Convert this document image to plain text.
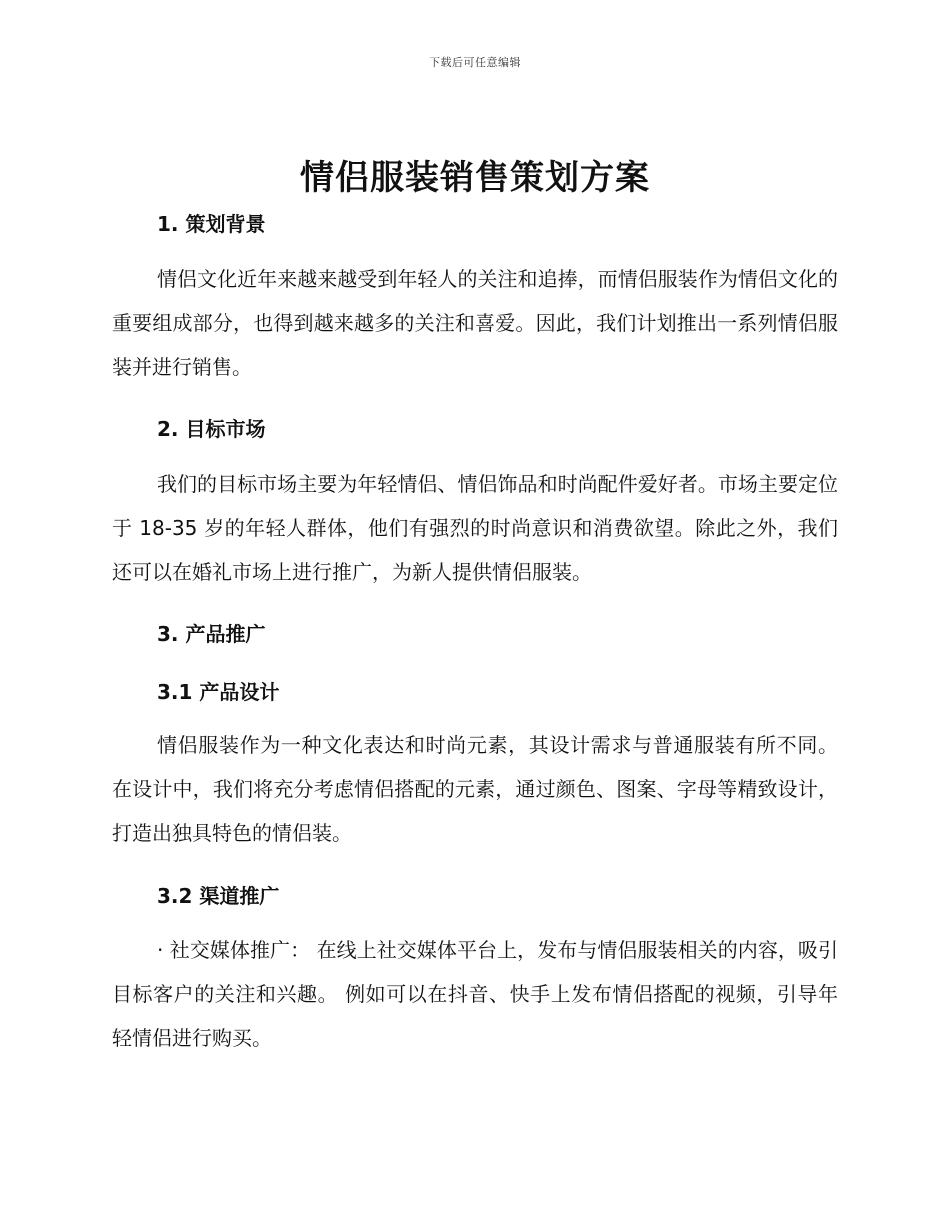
下载后可任意编辑
情侣服装销售策划方案
1. 策划背景

情侣文化近年来越来越受到年轻人的关注和追捧，而情侣服装作为情侣文化的重要组成部分，也得到越来越多的关注和喜爱。因此，我们计划推出一系列情侣服装并进行销售。

2. 目标市场

我们的目标市场主要为年轻情侣、情侣饰品和时尚配件爱好者。市场主要定位于 18-35 岁的年轻人群体，他们有强烈的时尚意识和消费欲望。除此之外，我们还可以在婚礼市场上进行推广，为新人提供情侣服装。

3. 产品推广
3.1 产品设计

情侣服装作为一种文化表达和时尚元素，其设计需求与普通服装有所不同。 在设计中，我们将充分考虑情侣搭配的元素，通过颜色、图案、字母等精致设计，打造出独具特色的情侣装。

3.2 渠道推广

· 社交媒体推广： 在线上社交媒体平台上，发布与情侣服装相关的内容，吸引目标客户的关注和兴趣。 例如可以在抖音、快手上发布情侣搭配的视频，引导年轻情侣进行购买。
